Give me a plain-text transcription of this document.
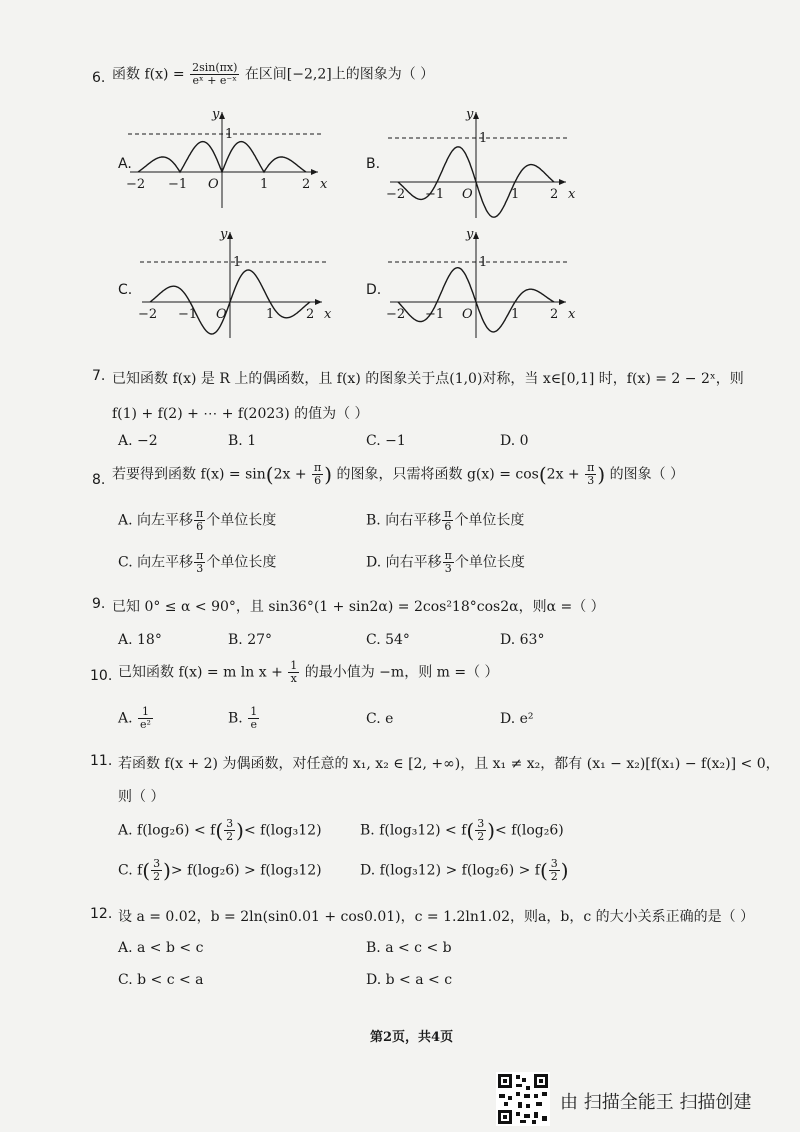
6. 函数 $f(x) = \frac{2\sin(\pi x)}{\text{eˣ + e⁻ˣ}}$ 在区间[−2,2]上的图象为（ ）
A.	B.
C.	D.
y
x
O
1
−2 −1	1	2
y
x
O
1
−2 −1	1 2
y
x
O
1
−2 −1	1 2
y
x
O
1
−2 −1	1 2
7. 已知函数 f(x) 是 R 上的偶函数，且 f(x) 的图象关于点(1,0)对称，当 x∈[0,1] 时，f(x) = 2 − 2ˣ，则
f(1) + f(2) + ⋯ + f(2023) 的值为（ ）
A. −2	B. 1	C. −1	D. 0
8. 若要得到函数 $f(x) = \sin(2x + \frac{\pi}{6}$ ) 的图象，只需将函数 $g(x) = \cos(2x + \frac{\pi}{3}$ ) 的图象（ ）
A. 向左平移 $\frac{\pi}{6}$ 个单位长度	B. 向右平移 $\frac{\pi}{6}$ 个单位长度
C. 向左平移 $\frac{\pi}{3}$ 个单位长度	D. 向右平移 $\frac{\pi}{3}$ 个单位长度
9. 已知 0° ≤ α < 90°，且 sin36°(1 + sin2α) = 2cos²18°cos2α，则α =（ ）
A. 18°	B. 27°	C. 54°	D. 63°
10. 已知函数 f(x) = m $\ln x + \frac{1}{x}$ 的最小值为 −m，则 m =（ ）
A. $\frac{1}{\text{e²}}$	B. $\frac{1}{e}$	C. e	D. e²
11. 若函数 f(x + 2) 为偶函数，对任意的 x₁, x₂ ∈ [2, +∞)，且 x₁ ≠ x₂，都有 (x₁ − x₂)[f(x₁) − f(x₂)] < 0，
则（ ）
A. $f(\log_26) < f( \frac{3}{2}$ )< f(log₃12)	B. $f(\log_312) < f( \frac{3}{2}$ )< f(log₂6)
C. $f( \frac{3}{2}$ )> f(log₂6) > f(log₃12)	D. $f(\log_312) > f(\log_26) > f( \frac{3}{2}$ )
12. 设 a = 0.02，b = 2ln(sin0.01 + cos0.01)，c = 1.2ln1.02，则a，b，c 的大小关系正确的是（ ）
A. a < b < c	B. a < c < b
C. b < c < a	D. b < a < c
第2页，共4页
由 扫描全能王 扫描创建
